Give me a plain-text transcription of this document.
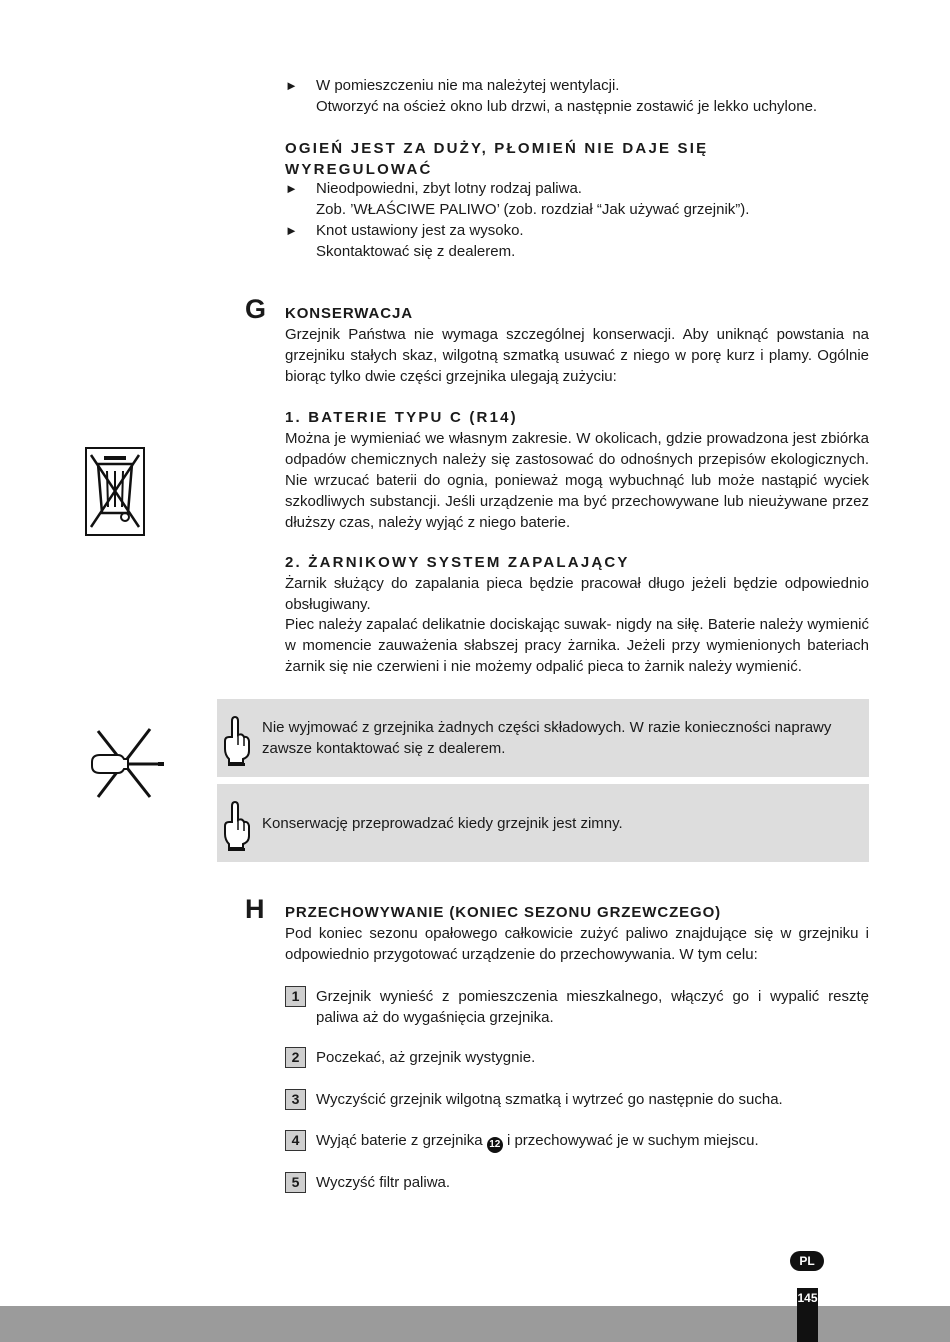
►	W pomieszczeniu nie ma należytej wentylacji.
Otworzyć na oścież okno lub drzwi, a następnie zostawić je lekko uchylone.
OGIEŃ JEST ZA DUŻY, PŁOMIEŃ NIE DAJE SIĘ
WYREGULOWAĆ
►	Nieodpowiedni, zbyt lotny rodzaj paliwa.
Zob. ’WŁAŚCIWE PALIWO’ (zob. rozdział “Jak używać grzejnik”).
►	Knot ustawiony jest za wysoko.
Skontaktować się z dealerem.
G KONSERWACJA
Grzejnik Państwa nie wymaga szczególnej konserwacji. Aby uniknąć powstania na grzejniku stałych skaz, wilgotną szmatką usuwać z niego w porę kurz i plamy. Ogólnie biorąc tylko dwie części grzejnika ulegają zużyciu:
1. BATERIE TYPU C (R14)
Można je wymieniać we własnym zakresie. W okolicach, gdzie prowadzona jest zbiórka odpadów chemicznych należy się zastosować do odnośnych przepisów ekologicznych. Nie wrzucać baterii do ognia, ponieważ mogą wybuchnąć lub może nastąpić wyciek szkodliwych substancji. Jeśli urządzenie ma być przechowywane lub nieużywane przez dłuższy czas, należy wyjąć z niego baterie.
2. ŻARNIKOWY SYSTEM ZAPALAJĄCY
Żarnik służący do zapalania pieca będzie pracował długo jeżeli będzie odpowiednio obsługiwany.
Piec należy zapalać delikatnie dociskając suwak- nigdy na siłę. Baterie należy wymienić w momencie zauważenia słabszej pracy żarnika. Jeżeli przy wymienionych bateriach żarnik się nie czerwieni i nie możemy odpalić pieca to żarnik należy wymienić.
Nie wyjmować z grzejnika żadnych części składowych. W razie konieczności naprawy zawsze kontaktować się z dealerem.
Konserwację przeprowadzać kiedy grzejnik jest zimny.
H PRZECHOWYWANIE (KONIEC SEZONU GRZEWCZEGO)
Pod koniec sezonu opałowego całkowicie zużyć paliwo znajdujące się w grzejniku i odpowiednio przygotować urządzenie do przechowywania. W tym celu:
1	Grzejnik wynieść z pomieszczenia mieszkalnego, włączyć go i wypalić resztę paliwa aż do wygaśnięcia grzejnika.
2	Poczekać, aż grzejnik wystygnie.
3	Wyczyścić grzejnik wilgotną szmatką i wytrzeć go następnie do sucha.
4	Wyjąć baterie z grzejnika 12 i przechowywać je w suchym miejscu.
5	Wyczyść filtr paliwa.
PL
145
